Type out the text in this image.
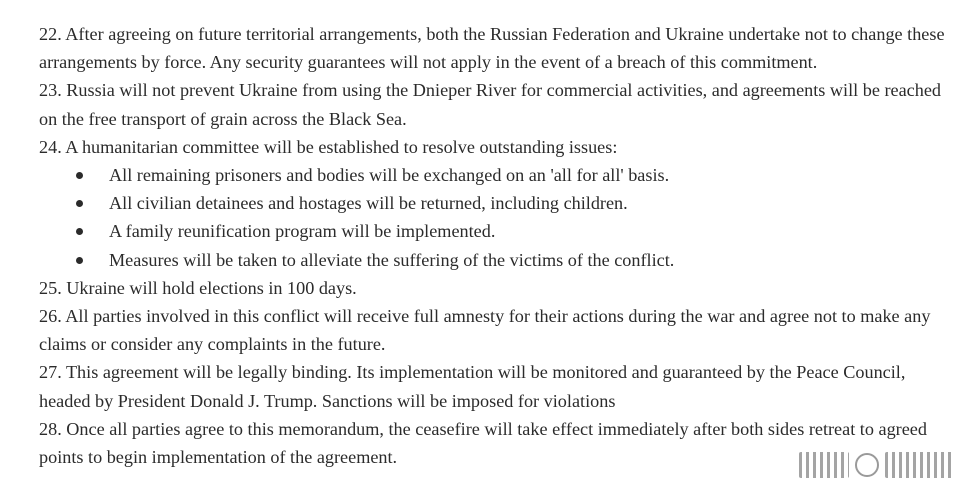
22. After agreeing on future territorial arrangements, both the Russian Federation and Ukraine undertake not to change these arrangements by force. Any security guarantees will not apply in the event of a breach of this commitment.

23. Russia will not prevent Ukraine from using the Dnieper River for commercial activities, and agreements will be reached on the free transport of grain across the Black Sea.

24. A humanitarian committee will be established to resolve outstanding issues:

All remaining prisoners and bodies will be exchanged on an 'all for all' basis.
All civilian detainees and hostages will be returned, including children.
A family reunification program will be implemented.
Measures will be taken to alleviate the suffering of the victims of the conflict.

25. Ukraine will hold elections in 100 days.

26. All parties involved in this conflict will receive full amnesty for their actions during the war and agree not to make any claims or consider any complaints in the future.

27. This agreement will be legally binding. Its implementation will be monitored and guaranteed by the Peace Council, headed by President Donald J. Trump. Sanctions will be imposed for violations

28. Once all parties agree to this memorandum, the ceasefire will take effect immediately after both sides retreat to agreed points to begin implementation of the agreement.
